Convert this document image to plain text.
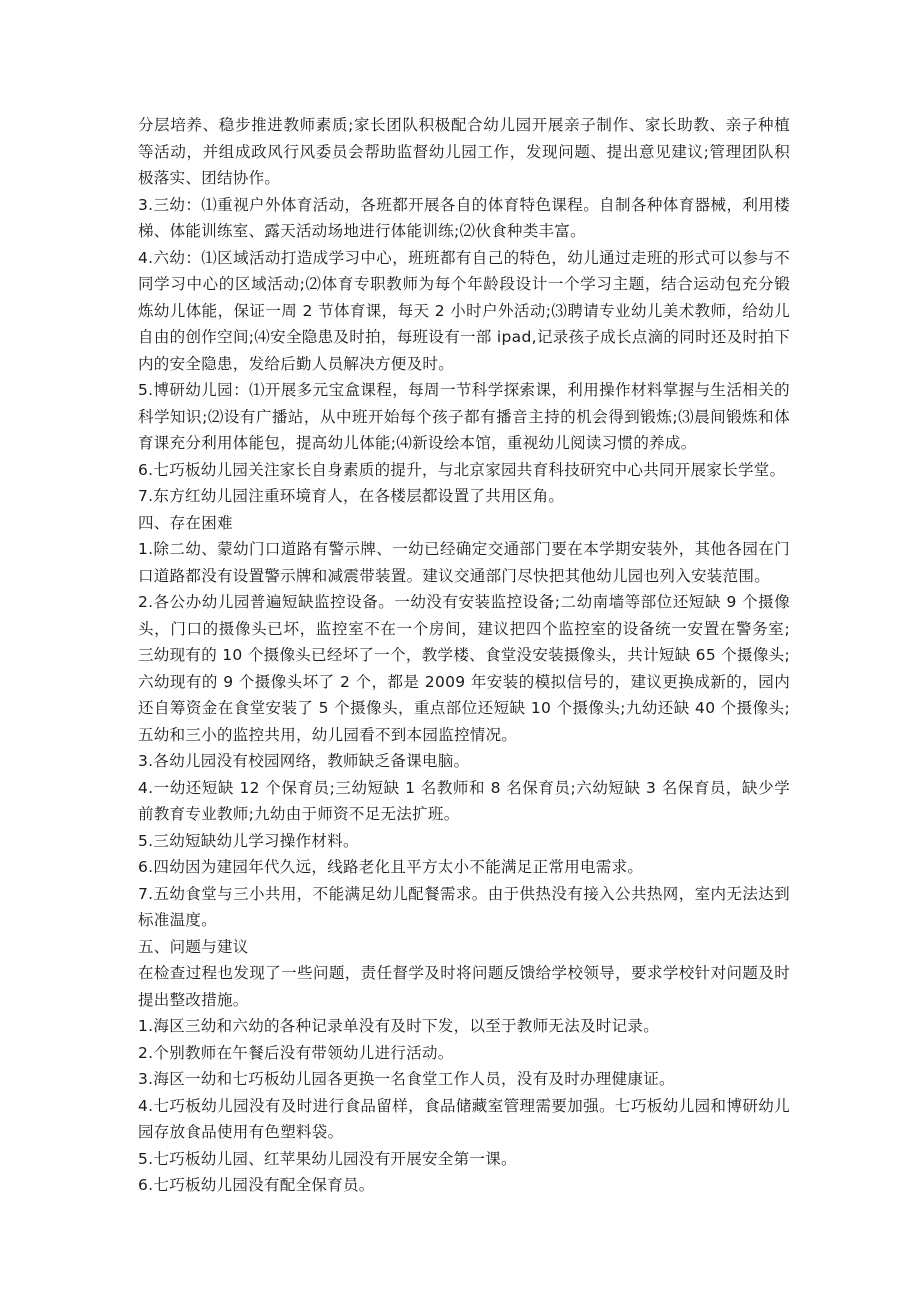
分层培养、稳步推进教师素质;家长团队积极配合幼儿园开展亲子制作、家长助教、亲子种植等活动，并组成政风行风委员会帮助监督幼儿园工作，发现问题、提出意见建议;管理团队积极落实、团结协作。

3.三幼：⑴重视户外体育活动，各班都开展各自的体育特色课程。自制各种体育器械，利用楼梯、体能训练室、露天活动场地进行体能训练;⑵伙食种类丰富。

4.六幼：⑴区域活动打造成学习中心，班班都有自己的特色，幼儿通过走班的形式可以参与不同学习中心的区域活动;⑵体育专职教师为每个年龄段设计一个学习主题，结合运动包充分锻炼幼儿体能，保证一周 2 节体育课，每天 2 小时户外活动;⑶聘请专业幼儿美术教师，给幼儿自由的创作空间;⑷安全隐患及时拍，每班设有一部 ipad,记录孩子成长点滴的同时还及时拍下内的安全隐患，发给后勤人员解决方便及时。

5.博研幼儿园：⑴开展多元宝盒课程，每周一节科学探索课，利用操作材料掌握与生活相关的科学知识;⑵设有广播站，从中班开始每个孩子都有播音主持的机会得到锻炼;⑶晨间锻炼和体育课充分利用体能包，提高幼儿体能;⑷新设绘本馆，重视幼儿阅读习惯的养成。

6.七巧板幼儿园关注家长自身素质的提升，与北京家园共育科技研究中心共同开展家长学堂。

7.东方红幼儿园注重环境育人，在各楼层都设置了共用区角。

四、存在困难

1.除二幼、蒙幼门口道路有警示牌、一幼已经确定交通部门要在本学期安装外，其他各园在门口道路都没有设置警示牌和减震带装置。建议交通部门尽快把其他幼儿园也列入安装范围。

2.各公办幼儿园普遍短缺监控设备。一幼没有安装监控设备;二幼南墙等部位还短缺 9 个摄像头，门口的摄像头已坏，监控室不在一个房间，建议把四个监控室的设备统一安置在警务室;三幼现有的 10 个摄像头已经坏了一个，教学楼、食堂没安装摄像头，共计短缺 65 个摄像头;六幼现有的 9 个摄像头坏了 2 个，都是 2009 年安装的模拟信号的，建议更换成新的，园内还自筹资金在食堂安装了 5 个摄像头，重点部位还短缺 10 个摄像头;九幼还缺 40 个摄像头;五幼和三小的监控共用，幼儿园看不到本园监控情况。

3.各幼儿园没有校园网络，教师缺乏备课电脑。

4.一幼还短缺 12 个保育员;三幼短缺 1 名教师和 8 名保育员;六幼短缺 3 名保育员，缺少学前教育专业教师;九幼由于师资不足无法扩班。

5.三幼短缺幼儿学习操作材料。

6.四幼因为建园年代久远，线路老化且平方太小不能满足正常用电需求。

7.五幼食堂与三小共用，不能满足幼儿配餐需求。由于供热没有接入公共热网，室内无法达到标准温度。

五、问题与建议

在检查过程也发现了一些问题，责任督学及时将问题反馈给学校领导，要求学校针对问题及时提出整改措施。

1.海区三幼和六幼的各种记录单没有及时下发，以至于教师无法及时记录。

2.个别教师在午餐后没有带领幼儿进行活动。

3.海区一幼和七巧板幼儿园各更换一名食堂工作人员，没有及时办理健康证。

4.七巧板幼儿园没有及时进行食品留样，食品储藏室管理需要加强。七巧板幼儿园和博研幼儿园存放食品使用有色塑料袋。

5.七巧板幼儿园、红苹果幼儿园没有开展安全第一课。

6.七巧板幼儿园没有配全保育员。
